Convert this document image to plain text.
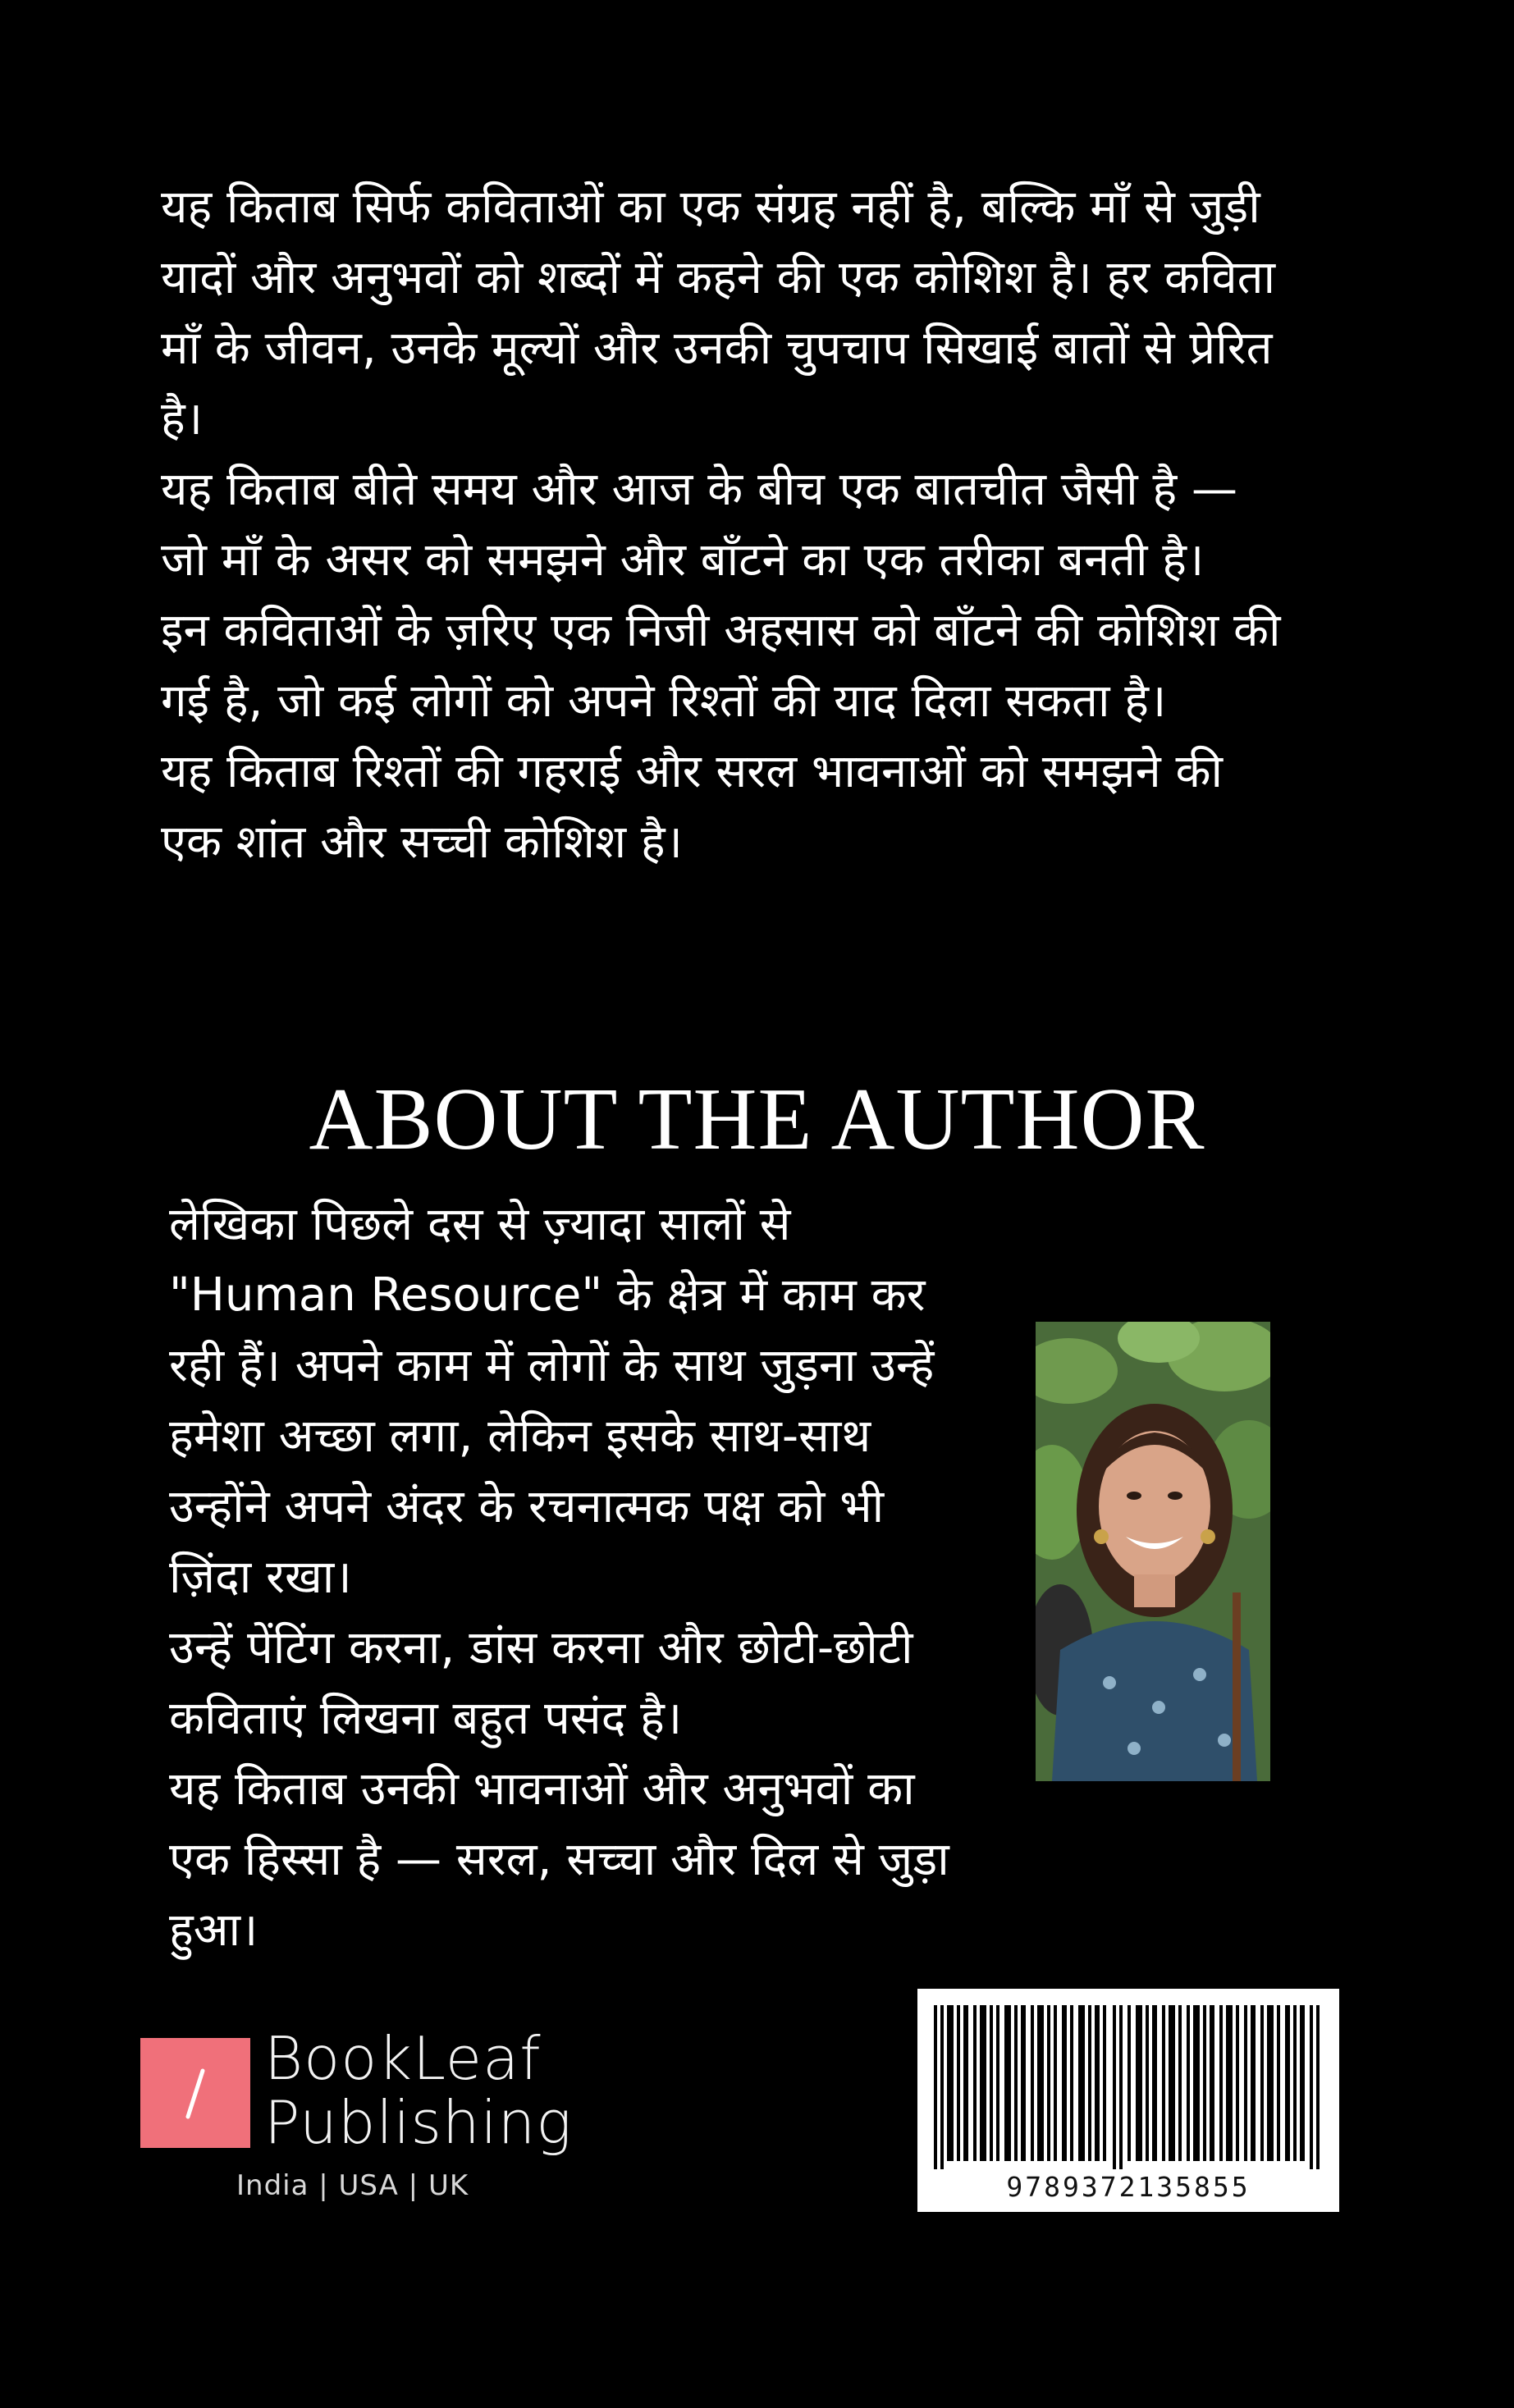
यह किताब सिर्फ कविताओं का एक संग्रह नहीं है, बल्कि माँ से जुड़ी यादों और अनुभवों को शब्दों में कहने की एक कोशिश है। हर कविता माँ के जीवन, उनके मूल्यों और उनकी चुपचाप सिखाई बातों से प्रेरित है।

यह किताब बीते समय और आज के बीच एक बातचीत जैसी है — जो माँ के असर को समझने और बाँटने का एक तरीका बनती है।

इन कविताओं के ज़रिए एक निजी अहसास को बाँटने की कोशिश की गई है, जो कई लोगों को अपने रिश्तों की याद दिला सकता है।

यह किताब रिश्तों की गहराई और सरल भावनाओं को समझने की एक शांत और सच्ची कोशिश है।

ABOUT THE AUTHOR

लेखिका पिछले दस से ज़्यादा सालों से "Human Resource" के क्षेत्र में काम कर रही हैं। अपने काम में लोगों के साथ जुड़ना उन्हें हमेशा अच्छा लगा, लेकिन इसके साथ-साथ उन्होंने अपने अंदर के रचनात्मक पक्ष को भी ज़िंदा रखा।

उन्हें पेंटिंग करना, डांस करना और छोटी-छोटी कविताएं लिखना बहुत पसंद है।

यह किताब उनकी भावनाओं और अनुभवों का एक हिस्सा है — सरल, सच्चा और दिल से जुड़ा हुआ।

9789372135855
BookLeaf
Publishing
India | USA | UK
